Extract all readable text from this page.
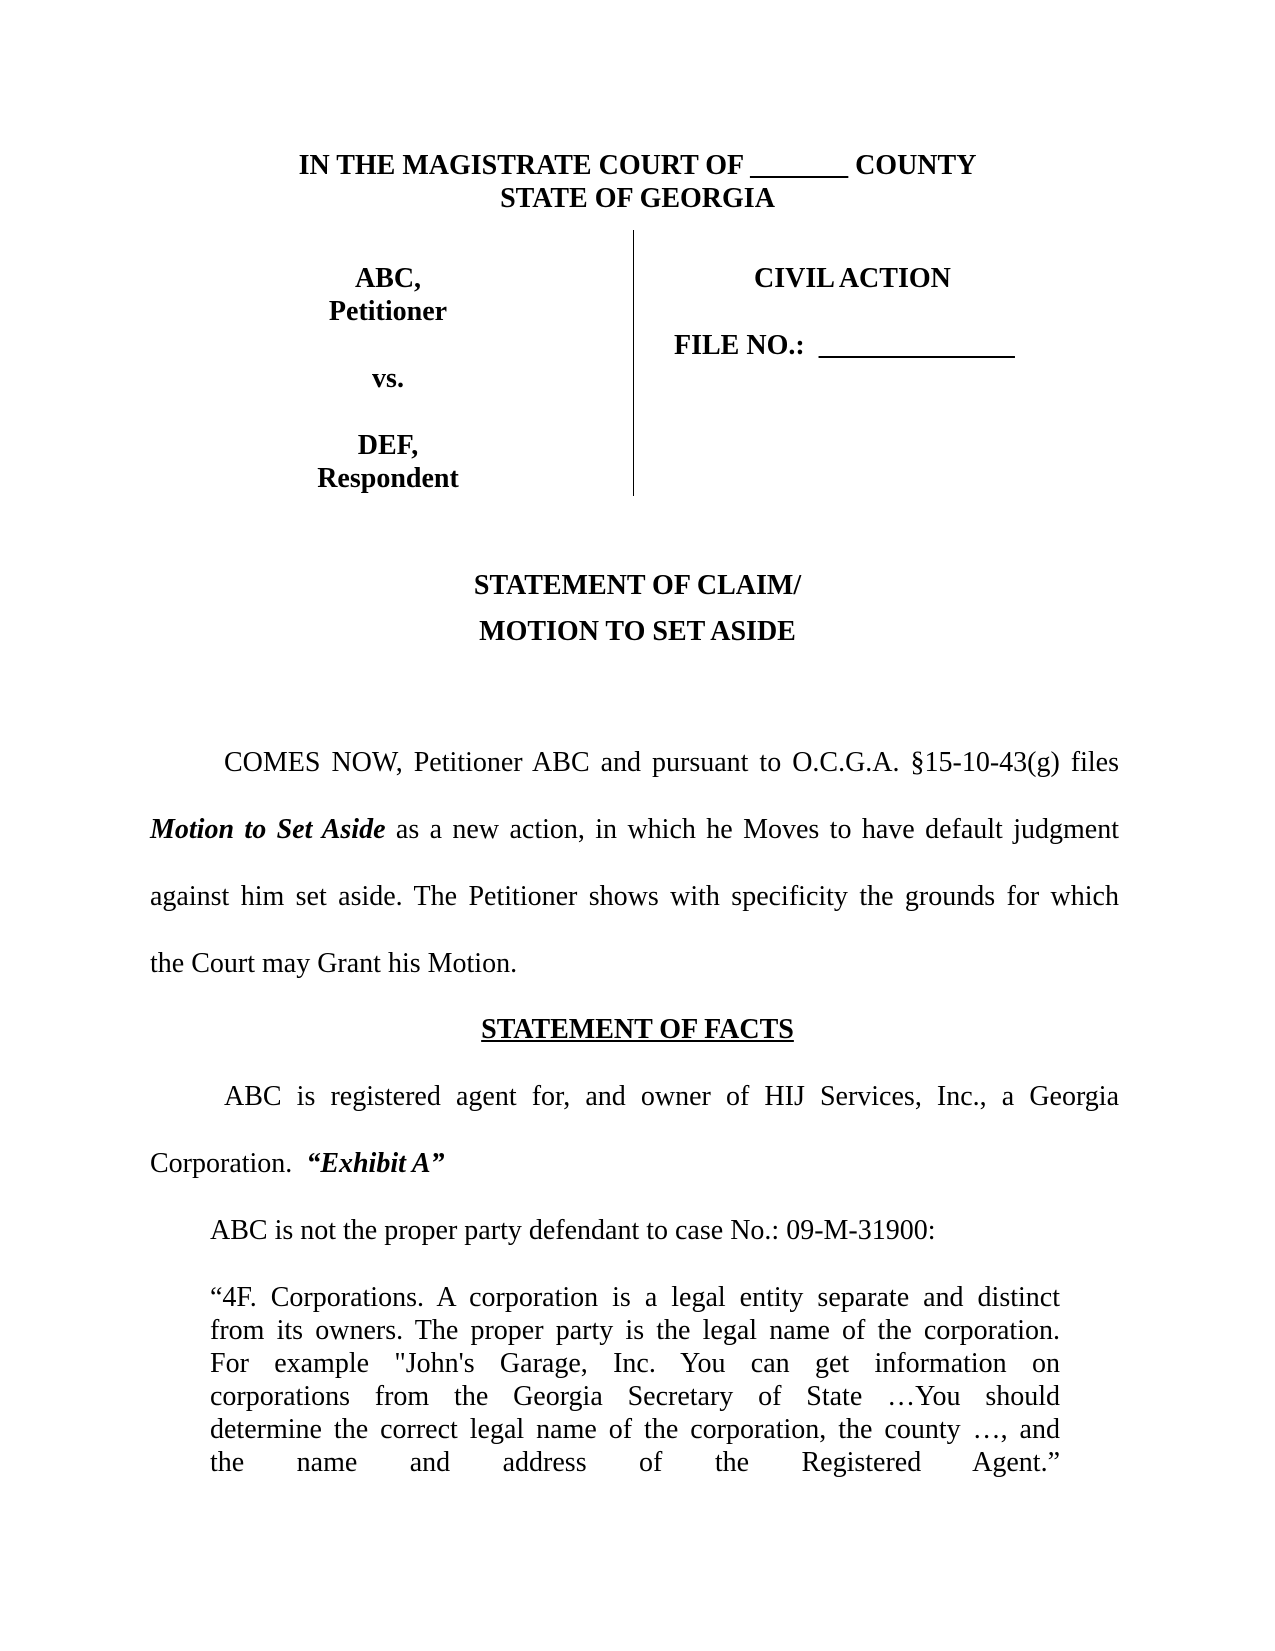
IN THE MAGISTRATE COURT OF _______ COUNTY
STATE OF GEORGIA
ABC,
Petitioner
vs.
DEF,
Respondent
CIVIL ACTION
FILE NO.: ______________
STATEMENT OF CLAIM/
MOTION TO SET ASIDE
COMES NOW, Petitioner ABC and pursuant to O.C.G.A. §15-10-43(g) files
Motion to Set Aside as a new action, in which he Moves to have default judgment
against him set aside. The Petitioner shows with specificity the grounds for which
the Court may Grant his Motion.
STATEMENT OF FACTS
ABC is registered agent for, and owner of HIJ Services, Inc., a Georgia
Corporation. “Exhibit A”
ABC is not the proper party defendant to case No.: 09-M-31900:
“4F. Corporations. A corporation is a legal entity separate and distinct
from its owners. The proper party is the legal name of the corporation.
For example "John's Garage, Inc. You can get information on
corporations from the Georgia Secretary of State …You should
determine the correct legal name of the corporation, the county …, and
the name and address of the Registered Agent.”
